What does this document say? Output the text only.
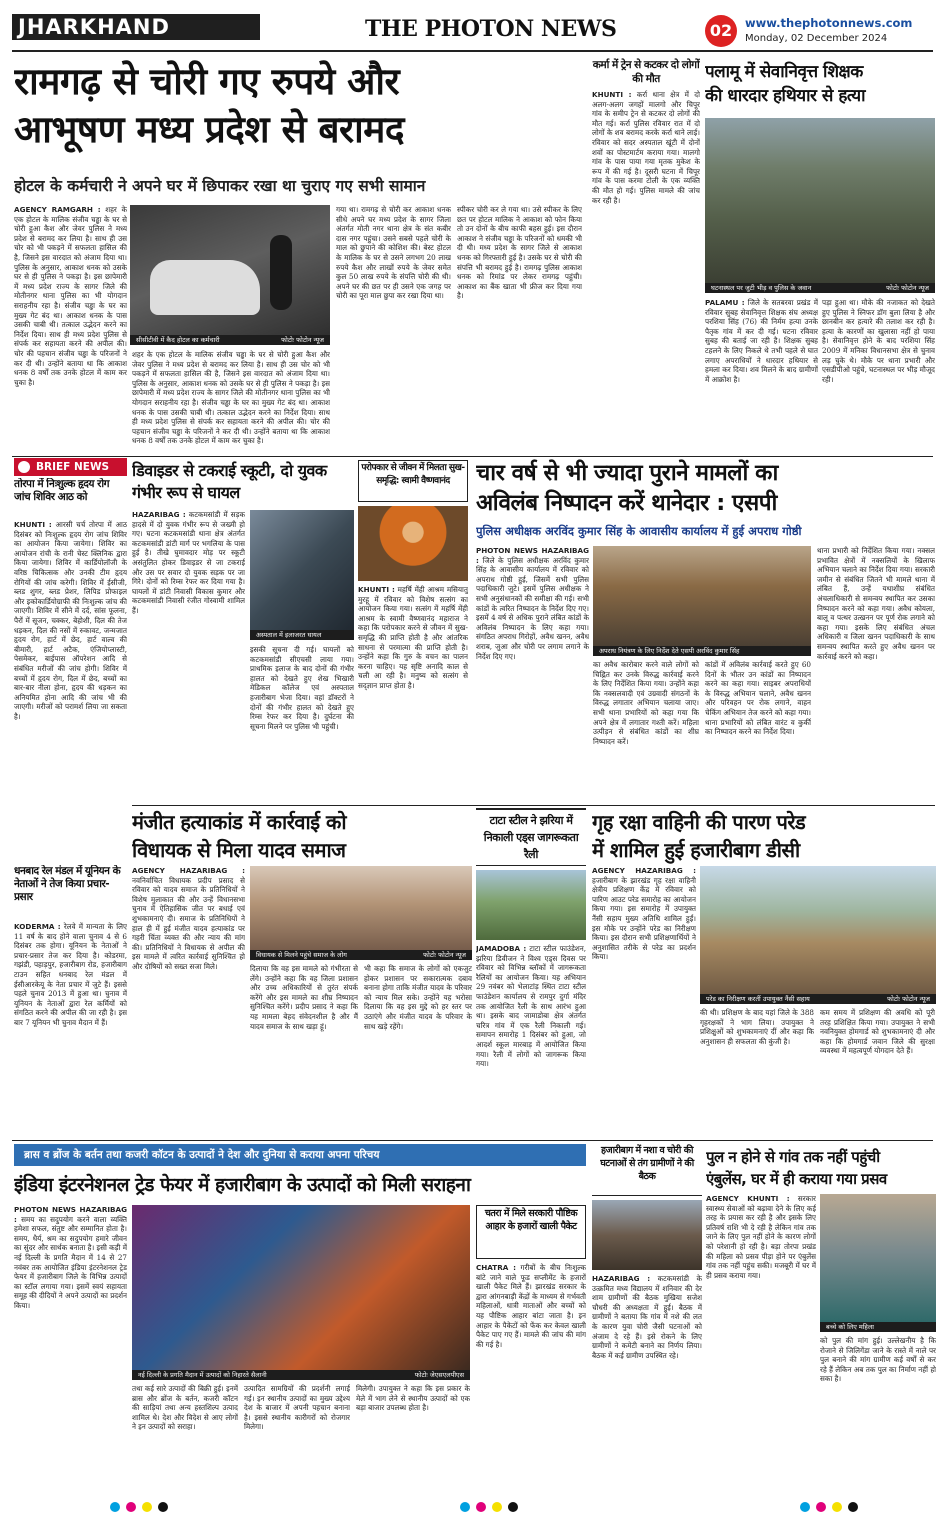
JHARKHAND	THE PHOTON NEWS	02	www.thephotonnews.com
Monday, 02 December 2024
रामगढ़ से चोरी गए रुपये और
आभूषण मध्य प्रदेश से बरामद
होटल के कर्मचारी ने अपने घर में छिपाकर रखा था चुराए गए सभी सामान
AGENCY RAMGARH : शहर के एक होटल के मालिक संजीव चड्ढा के घर से चोरी हुआ कैश और जेवर पुलिस ने मध्य प्रदेश से बरामद कर लिया है। साथ ही उस चोर को भी पकड़ने में सफलता हासिल की है, जिसने इस वारदात को अंजाम दिया था। पुलिस के अनुसार, आकाश धनक को उसके घर से ही पुलिस ने पकड़ा है। इस छापेमारी में मध्य प्रदेश राज्य के सागर जिले की मोतीनगर थाना पुलिस का भी योगदान सराहनीय रहा है। संजीव चड्ढा के घर का मुख्य गेट बंद था। आकाश धनक के पास उसकी चाबी थी। तत्काल उद्भेदन करने का निर्देश दिया। साथ ही मध्य प्रदेश पुलिस से संपर्क कर सहायता करने की अपील की। चोर की पहचान संजीव चड्ढा के परिजनों ने कर दी थी। उन्होंने बताया था कि आकाश धनक 8 वर्षों तक उनके होटल में काम कर चुका है।
सीसीटीवी में कैद होटल का कर्मचारी	फोटोः फोटोन न्यूज
शहर के एक होटल के मालिक संजीव चड्ढा के घर से चोरी हुआ कैश और जेवर पुलिस ने मध्य प्रदेश से बरामद कर लिया है। साथ ही उस चोर को भी पकड़ने में सफलता हासिल की है, जिसने इस वारदात को अंजाम दिया था। पुलिस के अनुसार, आकाश धनक को उसके घर से ही पुलिस ने पकड़ा है। इस छापेमारी में मध्य प्रदेश राज्य के सागर जिले की मोतीनगर थाना पुलिस का भी योगदान सराहनीय रहा है। संजीव चड्ढा के घर का मुख्य गेट बंद था। आकाश धनक के पास उसकी चाबी थी। तत्काल उद्भेदन करने का निर्देश दिया। साथ ही मध्य प्रदेश पुलिस से संपर्क कर सहायता करने की अपील की। चोर की पहचान संजीव चड्ढा के परिजनों ने कर दी थी। उन्होंने बताया था कि आकाश धनक 8 वर्षों तक उनके होटल में काम कर चुका है।
गया था। रामगढ़ से चोरी कर आकाश धनक सीधे अपने घर मध्य प्रदेश के सागर जिला अंतर्गत मोती नगर थाना क्षेत्र के संत कबीर दास नगर पहुंचा। उसने सबसे पहले चोरी के माल को छुपाने की कोशिश की। बेस्ट होटल के मालिक के घर से उसने लगभग 20 लाख रुपये कैश और लाखों रुपये के जेवर समेत कुल 50 लाख रुपये के संपत्ति चोरी की थी। अपने घर की छत पर ही उसने एक जगह पर चोरी का पूरा माल छुपा कर रखा दिया था।
स्पीकर चोरी कर ले गया था। उसे स्पीकर के लिए छत पर होटल मालिक ने आकाश को फोन किया तो उन दोनों के बीच काफी बहस हुई। इस दौरान आकाश ने संजीव चड्ढा के परिजनों को धमकी भी दी थी। मध्य प्रदेश के सागर जिले से आकाश धनक को गिरफ्तारी हुई है। उसके घर से चोरी की संपत्ति भी बरामद हुई है। रामगढ़ पुलिस आकाश धनक को रिमांड पर लेकर रामगढ़ पहुंची। आकाश का बैंक खाता भी फ्रीज कर दिया गया है।
कर्मा में ट्रेन से कटकर दो लोगों की मौत
KHUNTI : कर्रा थाना क्षेत्र में दो अलग-अलग जगहों मालगो और चिपूर गांव के समीप ट्रेन से कटकर दो लोगों की मौत गई। कर्रा पुलिस रविवार रात में दो लोगों के शव बरामद करके कर्रा थाने लाई। रविवार को सदर अस्पताल खूंटी में दोनों शवों का पोस्टमार्टम कराया गया। मालगो गांव के पास पाया गया मृतक मुकेश के रूप में की गई है। दूसरी घटना में चिपूर गांव के पास करमा टोली के एक व्यक्ति की मौत हो गई। पुलिस मामले की जांच कर रही है।
पलामू में सेवानिवृत्त शिक्षक
की धारदार हथियार से हत्या
घटनास्थल पर जुटी भीड़ व पुलिस के जवान	फोटोः फोटोन न्यूज
PALAMU : जिले के सतबरवा प्रखंड में रविवार सुबह सेवानिवृत्त शिक्षक संघ अध्यक्ष परशिया सिंह (76) की निर्मम हत्या उनके पैतृक गांव में कर दी गई। घटना रविवार सुबह की बताई जा रही है। शिक्षक सुबह टहलने के लिए निकले थे तभी पहले से घात लगाए अपराधियों ने धारदार हथियार से हमला कर दिया। शव मिलने के बाद ग्रामीणों में आक्रोश है।
पड़ा हुआ था। मौके की नजाकत को देखते हुए पुलिस ने स्निफर डॉग बुला लिया है और छानबीन कर हत्यारे की तलाश कर रही है। हत्या के कारणों का खुलासा नहीं हो पाया है। सेवानिवृत्त होने के बाद परशिया सिंह 2009 में मनिका विधानसभा क्षेत्र से चुनाव लड़ चुके थे। मौके पर थाना प्रभारी और एसडीपीओ पहुंचे, घटनास्थल पर भीड़ मौजूद रही।
BRIEF NEWS
तोरपा में निःशुल्क हृदय रोग जांच शिविर आठ को
KHUNTI : आरसी चर्च तोरपा में आठ दिसंबर को निःशुल्क हृदय रोग जांच शिविर का आयोजन किया जायेगा। शिविर का आयोजन रांची के रानी चेस्ट क्लिनिक द्वारा किया जायेगा। शिविर में कार्डियोलॉजी के वरिष्ठ चिकित्सक और उनकी टीम हृदय रोगियों की जांच करेगी। शिविर में ईसीजी, ब्लड शुगर, ब्लड प्रेशर, लिपिड प्रोफाइल और इकोकार्डियोग्राफी की निःशुल्क जांच की जाएगी। शिविर में सीने में दर्द, सांस फूलना, पैरों में सूजन, चक्कर, बेहोशी, दिल की तेज धड़कन, दिल की नसों में रुकावट, जन्मजात हृदय रोग, हार्ट में छेद, हार्ट वाल्व की बीमारी, हार्ट अटैक, एंजियोप्लास्टी, पेसमेकर, बाईपास ऑपरेशन आदि से संबंधित मरीजों की जांच होगी। शिविर में बच्चों में हृदय रोग, दिल में छेद, बच्चों का बार-बार नीला होना, हृदय की धड़कन का अनियमित होना आदि की जांच भी की जाएगी। मरीजों को परामर्श लिया जा सकता है।
धनबाद रेल मंडल में यूनियन के नेताओं ने तेज किया प्रचार-प्रसार
KODERMA : रेलवे में मान्यता के लिए 11 वर्ष के बाद होने वाला चुनाव 4 से 6 दिसंबर तक होगा। यूनियन के नेताओं ने प्रचार-प्रसार तेज कर दिया है। कोडरमा, गझंडी, पहाड़पुर, हजारीबाग रोड, हजारीबाग टाउन सहित धनबाद रेल मंडल में ईसीआरकेयू के नेता प्रचार में जुटे हैं। इससे पहले चुनाव 2013 में हुआ था। चुनाव में यूनियन के नेताओं द्वारा रेल कर्मियों को संगठित करने की अपील की जा रही है। इस बार 7 यूनियन भी चुनाव मैदान में हैं।
डिवाइडर से टकराई स्कूटी, दो युवक गंभीर रूप से घायल
HAZARIBAG : कटकमसांडी में सड़क हादसे में दो युवक गंभीर रूप से जख्मी हो गए। घटना कटकमसांडी थाना क्षेत्र अंतर्गत कटकमसांडी डांटी मार्ग पर भगलिया के पास हुई है। तीखे घुमावदार मोड़ पर स्कूटी असंतुलित होकर डिवाइडर से जा टकराई और उस पर सवार दो युवक सड़क पर जा गिरे। दोनों को रिम्स रेफर कर दिया गया है। घायलों में डांटी निवासी विकास कुमार और कटकमसांडी निवासी रंजीत गोस्वामी शामिल हैं।
अस्पताल में इलाजरत घायल
इसकी सूचना दी गई। घायलों को कटकमसांडी सीएचसी लाया गया। प्राथमिक इलाज के बाद दोनों की गंभीर हालत को देखते हुए शेख भिखारी मेडिकल कॉलेज एवं अस्पताल हजारीबाग भेजा दिया। वहां डॉक्टरों ने दोनों की गंभीर हालत को देखते हुए रिम्स रेफर कर दिया है। दुर्घटना की सूचना मिलने पर पुलिस भी पहुंची।
परोपकार से जीवन में मिलता सुख-समृद्धि: स्वामी वैष्णवानंद
KHUNTI : महर्षि मेंही आश्रम मसियातु मुरहू में रविवार को विशेष सत्संग का आयोजन किया गया। सत्संग में महर्षि मेंही आश्रम के स्वामी वैष्णवानंद महाराज ने कहा कि परोपकार करने से जीवन में सुख-समृद्धि की प्राप्ति होती है और आंतरिक साधना से परमात्मा की प्राप्ति होती है। उन्होंने कहा कि गुरु के वचन का पालन करना चाहिए। यह सृष्टि अनादि काल से चली आ रही है। मनुष्य को सत्संग से सद्ज्ञान प्राप्त होता है।
चार वर्ष से भी ज्यादा पुराने मामलों का
अविलंब निष्पादन करें थानेदार : एसपी
पुलिस अधीक्षक अरविंद कुमार सिंह के आवासीय कार्यालय में हुई अपराध गोष्ठी
PHOTON NEWS HAZARIBAG : जिले के पुलिस अधीक्षक अरविंद कुमार सिंह के आवासीय कार्यालय में रविवार को अपराध गोष्ठी हुई, जिसमें सभी पुलिस पदाधिकारी जुटे। इसमें पुलिस अधीक्षक ने सभी अनुसंधानकों की समीक्षा की गई। सभी कांडों के त्वरित निष्पादन के निर्देश दिए गए। इसमें 4 वर्ष से अधिक पुराने लंबित कांडों के अविलंब निष्पादन के लिए कहा गया। संगठित अपराध गिरोहों, अवैध खनन, अवैध शराब, जुआ और चोरी पर लगाम लगाने के निर्देश दिए गए।
अपराध नियंत्रण के लिए निर्देश देते एसपी अरविंद कुमार सिंह
का अवैध कारोबार करने वाले लोगों को चिह्नित कर उनके विरुद्ध कार्रवाई करने के लिए निर्देशित किया गया। उन्होंने कहा कि नक्सलवादी एवं उग्रवादी संगठनों के विरुद्ध लगातार अभियान चलाया जाए। सभी थाना प्रभारियों को कहा गया कि अपने क्षेत्र में लगातार गश्ती करें। महिला उत्पीड़न से संबंधित कांडों का शीघ्र निष्पादन करें।
कांडों में अविलंब कार्रवाई करते हुए 60 दिनों के भीतर उन कांडों का निष्पादन करने का कहा गया। साइबर अपराधियों के विरुद्ध अभियान चलाने, अवैध खनन और परिवहन पर रोक लगाने, वाहन चेकिंग अभियान तेज करने को कहा गया। थाना प्रभारियों को लंबित वारंट व कुर्की का निष्पादन करने का निर्देश दिया।
थाना प्रभारी को निर्देशित किया गया। नक्सल प्रभावित क्षेत्रों में नक्सलियों के खिलाफ अभियान चलाने का निर्देश दिया गया। सरकारी जमीन से संबंधित जितने भी मामले थाना में लंबित हैं, उन्हें यथाशीघ्र संबंधित अंचलाधिकारी से समन्वय स्थापित कर उसका निष्पादन करने को कहा गया। अवैध कोयला, बालू व पत्थर उत्खनन पर पूर्ण रोक लगाने को कहा गया। इसके लिए संबंधित अंचल अधिकारी व जिला खनन पदाधिकारी के साथ समन्वय स्थापित करते हुए अवैध खनन पर कार्रवाई करने को कहा।
मंजीत हत्याकांड में कार्रवाई को
विधायक से मिला यादव समाज
AGENCY HAZARIBAG : नवनिर्वाचित विधायक प्रदीप प्रसाद से रविवार को यादव समाज के प्रतिनिधियों ने विशेष मुलाकात की और उन्हें विधानसभा चुनाव में ऐतिहासिक जीत पर बधाई एवं शुभकामनाएं दी। समाज के प्रतिनिधियों ने हाल ही में हुई मंजीत यादव हत्याकांड पर गहरी चिंता व्यक्त की और न्याय की मांग की। प्रतिनिधियों ने विधायक से अपील की इस मामले में त्वरित कार्रवाई सुनिश्चित हो और दोषियों को सख्त सजा मिले।
विधायक से मिलने पहुंचे समाज के लोग	फोटोः फोटोन न्यूज
दिलाया कि वह इस मामले को गंभीरता से लेंगे। उन्होंने कहा कि वह जिला प्रशासन और उच्च अधिकारियों से तुरंत संपर्क करेंगे और इस मामले का शीघ्र निष्पादन सुनिश्चित करेंगे। प्रदीप प्रसाद ने कहा कि यह मामला बेहद संवेदनशील है और मैं यादव समाज के साथ खड़ा हूं।
भी कहा कि समाज के लोगों को एकजुट होकर प्रशासन पर सकारात्मक दबाव बनाना होगा ताकि मंजीत यादव के परिवार को न्याय मिल सके। उन्होंने यह भरोसा दिलाया कि वह इस मुद्दे को हर स्तर पर उठाएंगे और मंजीत यादव के परिवार के साथ खड़े रहेंगे।
टाटा स्टील ने झरिया में निकाली एड्स जागरूकता रैली
JAMADOBA : टाटा स्टील फाउंडेशन, झरिया डिवीजन ने विश्व एड्स दिवस पर रविवार को विभिन्न ब्लॉकों में जागरूकता रैलियों का आयोजन किया। यह अभियान 29 नवंबर को भेलाटांड़ स्थित टाटा स्टील फाउंडेशन कार्यालय से रामपुर दुर्गा मंदिर तक आयोजित रैली के साथ आरंभ हुआ था। इसके बाद जामाडोबा क्षेत्र अंतर्गत चरित्र गांव में एक रैली निकाली गई। समापन समारोह 1 दिसंबर को हुआ, जो आदर्श स्कूल मारबाड़ में आयोजित किया गया। रैली में लोगों को जागरूक किया गया।
गृह रक्षा वाहिनी की पारण परेड
में शामिल हुई हजारीबाग डीसी
AGENCY HAZARIBAG : हजारीबाग के झारखंड गृह रक्षा वाहिनी क्षेत्रीय प्रशिक्षण केंद्र में रविवार को पारिण आउट परेड समारोह का आयोजन किया गया। इस समारोह में उपायुक्त नैंसी सहाय मुख्य अतिथि शामिल हुईं। इस मौके पर उन्होंने परेड का निरीक्षण किया। इस दौरान सभी प्रशिक्षणार्थियों ने अनुशासित तरीके से परेड का प्रदर्शन किया।
परेड का निरीक्षण करतीं उपायुक्त नैंसी सहाय	फोटोः फोटोन न्यूज
की थी। प्रशिक्षण के बाद यहां जिले के 388 गृहरक्षकों ने भाग लिया। उपायुक्त ने प्रशिक्षुओं को शुभकामनाएं दीं और कहा कि अनुशासन ही सफलता की कुंजी है।
कम समय में प्रशिक्षण की अवधि को पूरी तरह प्रशिक्षित किया गया। उपायुक्त ने सभी नवनियुक्त होमगार्ड को शुभकामनाएं दी और कहा कि होमगार्ड जवान जिले की सुरक्षा व्यवस्था में महत्वपूर्ण योगदान देते हैं।
ब्रास व ब्रोंज के बर्तन तथा कजरी कॉटन के उत्पादों ने देश और दुनिया से कराया अपना परिचय
इंडिया इंटरनेशनल ट्रेड फेयर में हजारीबाग के उत्पादों को मिली सराहना
PHOTON NEWS HAZARIBAG : समय का सदुपयोग करने वाला व्यक्ति हमेशा सफल, संतुष्ट और सम्मानित होता है। समय, धैर्य, श्रम का सदुपयोग हमारे जीवन का सुंदर और सार्थक बनाता है। इसी कड़ी में नई दिल्ली के प्रगति मैदान में 14 से 27 नवंबर तक आयोजित इंडिया इंटरनेशनल ट्रेड फेयर में हजारीबाग जिले के विभिन्न उत्पादों का स्टॉल लगाया गया। इसमें स्वयं सहायता समूह की दीदियों ने अपने उत्पादों का प्रदर्शन किया।
नई दिल्ली के प्रगति मैदान में उत्पादों को निहारते सैलानी	फोटोः जेएसएलपीएस
तथा कई सारे उत्पादों की बिक्री हुई। इनमें ब्रास और ब्रोंज के बर्तन, कजरी कॉटन की साड़ियां तथा अन्य हस्तशिल्प उत्पाद शामिल थे। देश और विदेश से आए लोगों ने इन उत्पादों को सराहा।
उत्पादित सामग्रियों की प्रदर्शनी लगाई गई। इन स्थानीय उत्पादों का मुख्य उद्देश्य देश के बाजार में अपनी पहचान बनाना है। इससे स्थानीय कारीगरों को रोजगार मिलेगा।
मिलेगी। उपायुक्त ने कहा कि इस प्रकार के मेले में भाग लेने से स्थानीय उत्पादों को एक बड़ा बाजार उपलब्ध होता है।
चतरा में मिले सरकारी पौष्टिक आहार के हजारों खाली पैकेट
CHATRA : गरीबों के बीच निःशुल्क बांटे जाने वाले फूड सप्लीमेंट के हजारों खाली पैकेट मिले हैं। झारखंड सरकार के द्वारा आंगनबाड़ी केंद्रों के माध्यम से गर्भवती महिलाओं, धात्री माताओं और बच्चों को यह पौष्टिक आहार बांटा जाता है। इन आहार के पैकेटों को फेंक कर केवल खाली पैकेट पाए गए हैं। मामले की जांच की मांग की गई है।
हजारीबाग में नशा व चोरी की घटनाओं से तंग ग्रामीणों ने की बैठक
HAZARIBAG : कटकमसांडी के उत्क्रमित मध्य विद्यालय में शनिवार की देर शाम ग्रामीणों की बैठक मुखिया सजेश चौधरी की अध्यक्षता में हुई। बैठक में ग्रामीणों ने बताया कि गांव में नशे की लत के कारण युवा चोरी जैसी घटनाओं को अंजाम दे रहे हैं। इसे रोकने के लिए ग्रामीणों ने कमेटी बनाने का निर्णय लिया। बैठक में कई ग्रामीण उपस्थित रहे।
पुल न होने से गांव तक नहीं पहुंची
एंबुलेंस, घर में ही कराया गया प्रसव
AGENCY KHUNTI : सरकार स्वास्थ्य सेवाओं को बढ़ावा देने के लिए कई तरह के प्रयास कर रही है और इसके लिए प्रतिवर्ष राशि भी दे रही है लेकिन गांव तक जाने के लिए पुल नहीं होने के कारण लोगों को परेशानी हो रही है। बड़ा तोरपा प्रखंड की महिला को प्रसव पीड़ा होने पर एंबुलेंस गांव तक नहीं पहुंच सकी। मजबूरी में घर में ही प्रसव कराया गया।
बच्चे को लिए महिला
को पुल की मांग हुई। उल्लेखनीय है कि रोजाने से जिलिगेंडा जाने के रास्ते में नाले पर पुल बनाने की मांग ग्रामीण कई वर्षों से कर रहे हैं लेकिन अब तक पुल का निर्माण नहीं हो सका है।
